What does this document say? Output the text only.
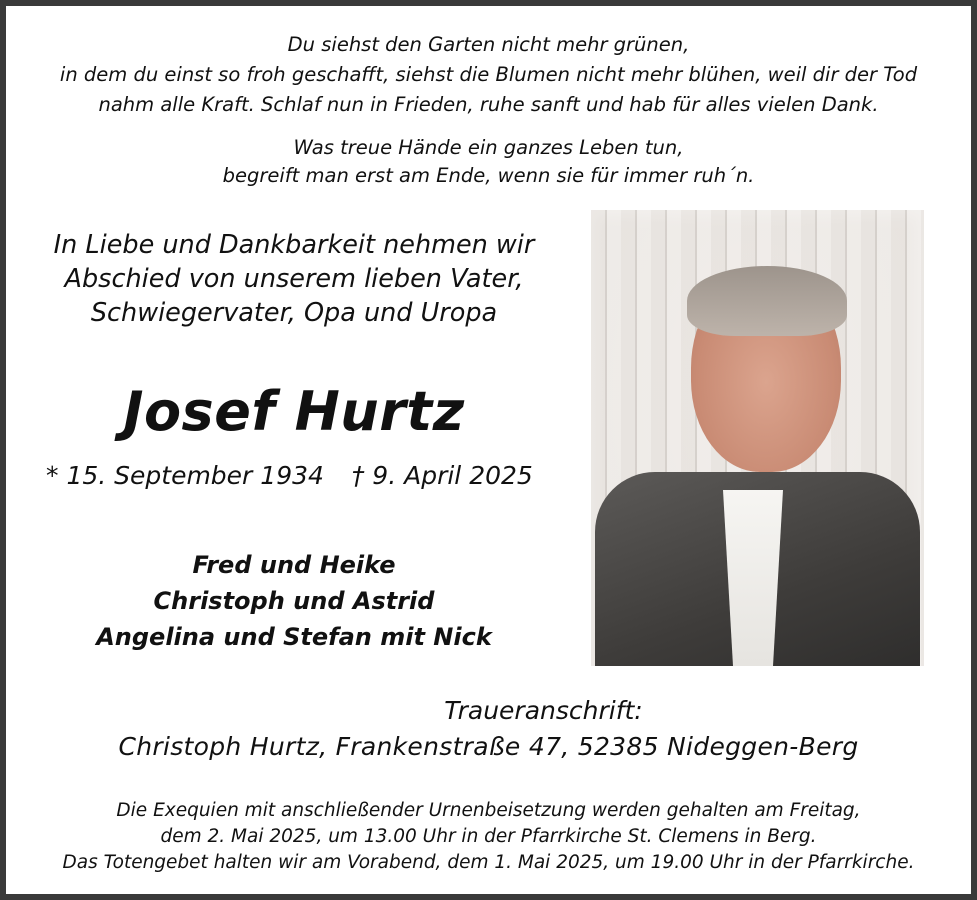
Du siehst den Garten nicht mehr grünen,
in dem du einst so froh geschafft, siehst die Blumen nicht mehr blühen, weil dir der Tod
nahm alle Kraft. Schlaf nun in Frieden, ruhe sanft und hab für alles vielen Dank.
Was treue Hände ein ganzes Leben tun,
begreift man erst am Ende, wenn sie für immer ruh´n.
In Liebe und Dankbarkeit nehmen wir
Abschied von unserem lieben Vater,
Schwiegervater, Opa und Uropa
Josef Hurtz
* 15. September 1934 † 9. April 2025
Fred und Heike
Christoph und Astrid
Angelina und Stefan mit Nick
Traueranschrift:
Christoph Hurtz, Frankenstraße 47, 52385 Nideggen-Berg
Die Exequien mit anschließender Urnenbeisetzung werden gehalten am Freitag,
dem 2. Mai 2025, um 13.00 Uhr in der Pfarrkirche St. Clemens in Berg.
Das Totengebet halten wir am Vorabend, dem 1. Mai 2025, um 19.00 Uhr in der Pfarrkirche.
